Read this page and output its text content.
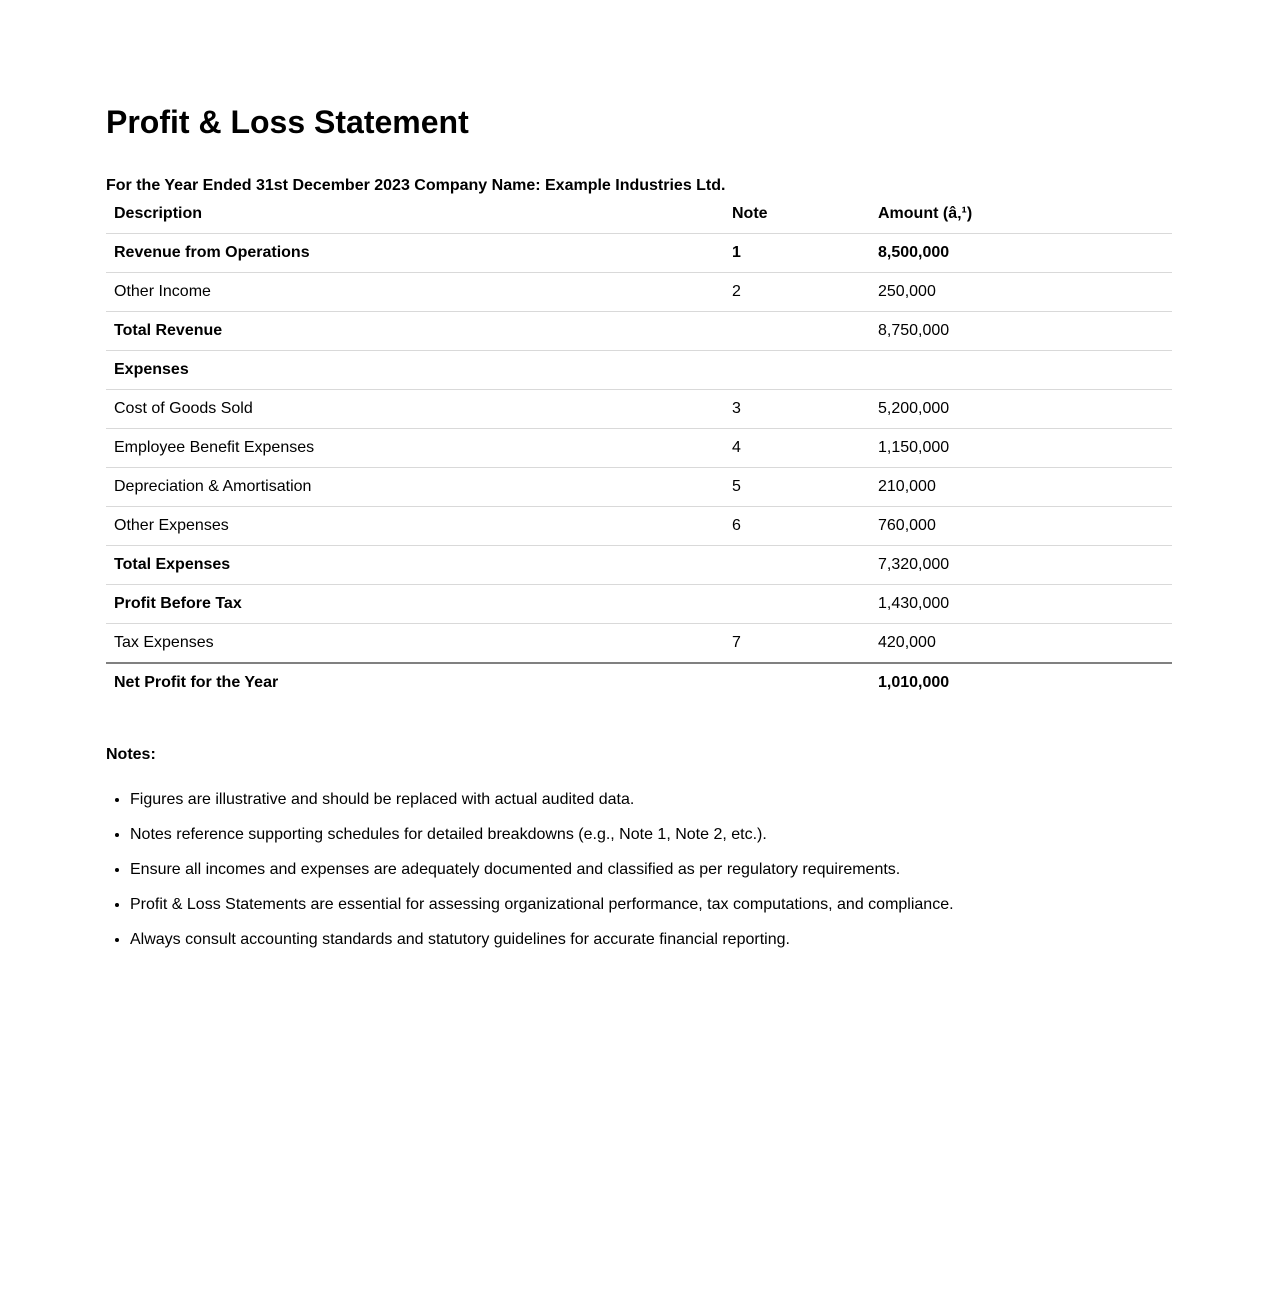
Profit & Loss Statement
For the Year Ended 31st December 2023 Company Name: Example Industries Ltd.
Description	Note	Amount (â‚¹)
Revenue from Operations	1	8,500,000
Other Income	2	250,000
Total Revenue		8,750,000
Expenses		
Cost of Goods Sold	3	5,200,000
Employee Benefit Expenses	4	1,150,000
Depreciation & Amortisation	5	210,000
Other Expenses	6	760,000
Total Expenses		7,320,000
Profit Before Tax		1,430,000
Tax Expenses	7	420,000
Net Profit for the Year		1,010,000
Notes:
• Figures are illustrative and should be replaced with actual audited data.
• Notes reference supporting schedules for detailed breakdowns (e.g., Note 1, Note 2, etc.).
• Ensure all incomes and expenses are adequately documented and classified as per regulatory requirements.
• Profit & Loss Statements are essential for assessing organizational performance, tax computations, and compliance.
• Always consult accounting standards and statutory guidelines for accurate financial reporting.
